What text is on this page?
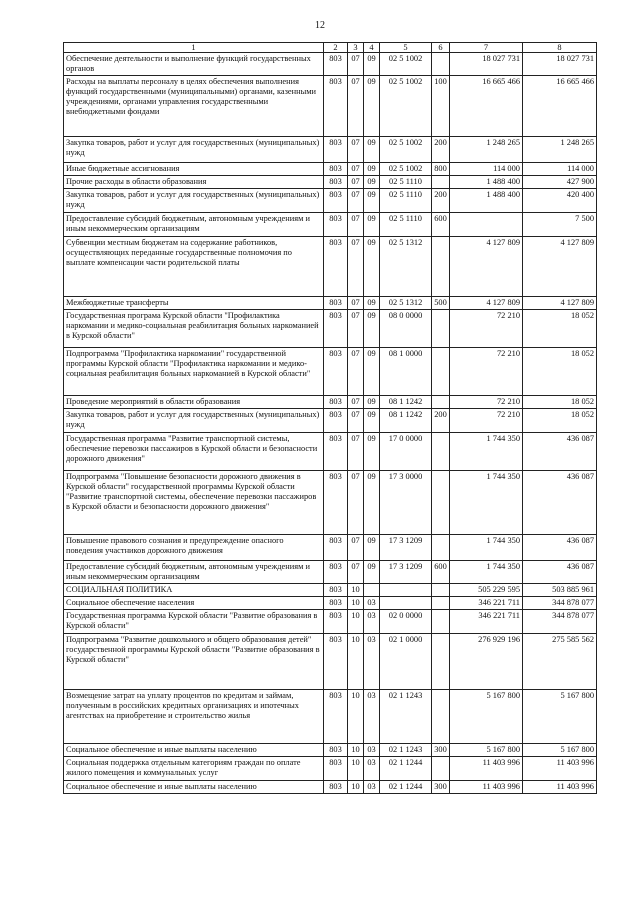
12
1	2	3	4	5	6	7	8
Обеспечение деятельности и выполнение функций государственных органов	803	07	09	02 5 1002		18 027 731	18 027 731
Расходы на выплаты персоналу в целях обеспечения выполнения функций государственными (муниципальными) органами, казенными учреждениями, органами управления государственными внебюджетными фондами	803	07	09	02 5 1002	100	16 665 466	16 665 466
Закупка товаров, работ и услуг для государственных (муниципальных) нужд	803	07	09	02 5 1002	200	1 248 265	1 248 265
Иные бюджетные ассигнования	803	07	09	02 5 1002	800	114 000	114 000
Прочие расходы в области образования	803	07	09	02 5 1110		1 488 400	427 900
Закупка товаров, работ и услуг для государственных (муниципальных) нужд	803	07	09	02 5 1110	200	1 488 400	420 400
Предоставление субсидий бюджетным, автономным учреждениям и иным некоммерческим организациям	803	07	09	02 5 1110	600		7 500
Субвенции местным бюджетам на содержание работников, осуществляющих переданные государственные полномочия по выплате компенсации части родительской платы	803	07	09	02 5 1312		4 127 809	4 127 809
Межбюджетные трансферты	803	07	09	02 5 1312	500	4 127 809	4 127 809
Государственная програма Курской области "Профилактика наркомании и медико-социальная реабилитация больных наркоманией в Курской области"	803	07	09	08 0 0000		72 210	18 052
Подпрограмма "Профилактика наркомании" государственной программы Курской области "Профилактика наркомании и медико-социальная реабилитация больных наркоманией в Курской области"	803	07	09	08 1 0000		72 210	18 052
Проведение мероприятий в области образования	803	07	09	08 1 1242		72 210	18 052
Закупка товаров, работ и услуг для государственных (муниципальных) нужд	803	07	09	08 1 1242	200	72 210	18 052
Государственная программа "Развитие транспортной системы, обеспечение перевозки пассажиров в Курской области и безопасности дорожного движения"	803	07	09	17 0 0000		1 744 350	436 087
Подпрограмма "Повышение безопасности дорожного движения в Курской области" государственной программы Курской области "Развитие транспортной системы, обеспечение перевозки пассажиров в Курской области и безопасности дорожного движения"	803	07	09	17 3 0000		1 744 350	436 087
Повышение правового сознания и предупреждение опасного поведения участников дорожного движения	803	07	09	17 3 1209		1 744 350	436 087
Предоставление субсидий бюджетным, автономным учреждениям и иным некоммерческим организациям	803	07	09	17 3 1209	600	1 744 350	436 087
СОЦИАЛЬНАЯ ПОЛИТИКА	803	10				505 229 595	503 885 961
Социальное обеспечение населения	803	10	03			346 221 711	344 878 077
Государственная программа Курской области "Развитие образования в Курской области"	803	10	03	02 0 0000		346 221 711	344 878 077
Подпрограмма "Развитие дошкольного и общего образования детей" государственной программы Курской области "Развитие образования в Курской области"	803	10	03	02 1 0000		276 929 196	275 585 562
Возмещение затрат на уплату процентов по кредитам и займам, полученным в российских кредитных организациях и ипотечных агентствах на приобретение и строительство жилья	803	10	03	02 1 1243		5 167 800	5 167 800
Социальное обеспечение и иные выплаты населению	803	10	03	02 1 1243	300	5 167 800	5 167 800
Социальная поддержка отдельным категориям граждан по оплате жилого помещения и коммунальных услуг	803	10	03	02 1 1244		11 403 996	11 403 996
Социальное обеспечение и иные выплаты населению	803	10	03	02 1 1244	300	11 403 996	11 403 996
